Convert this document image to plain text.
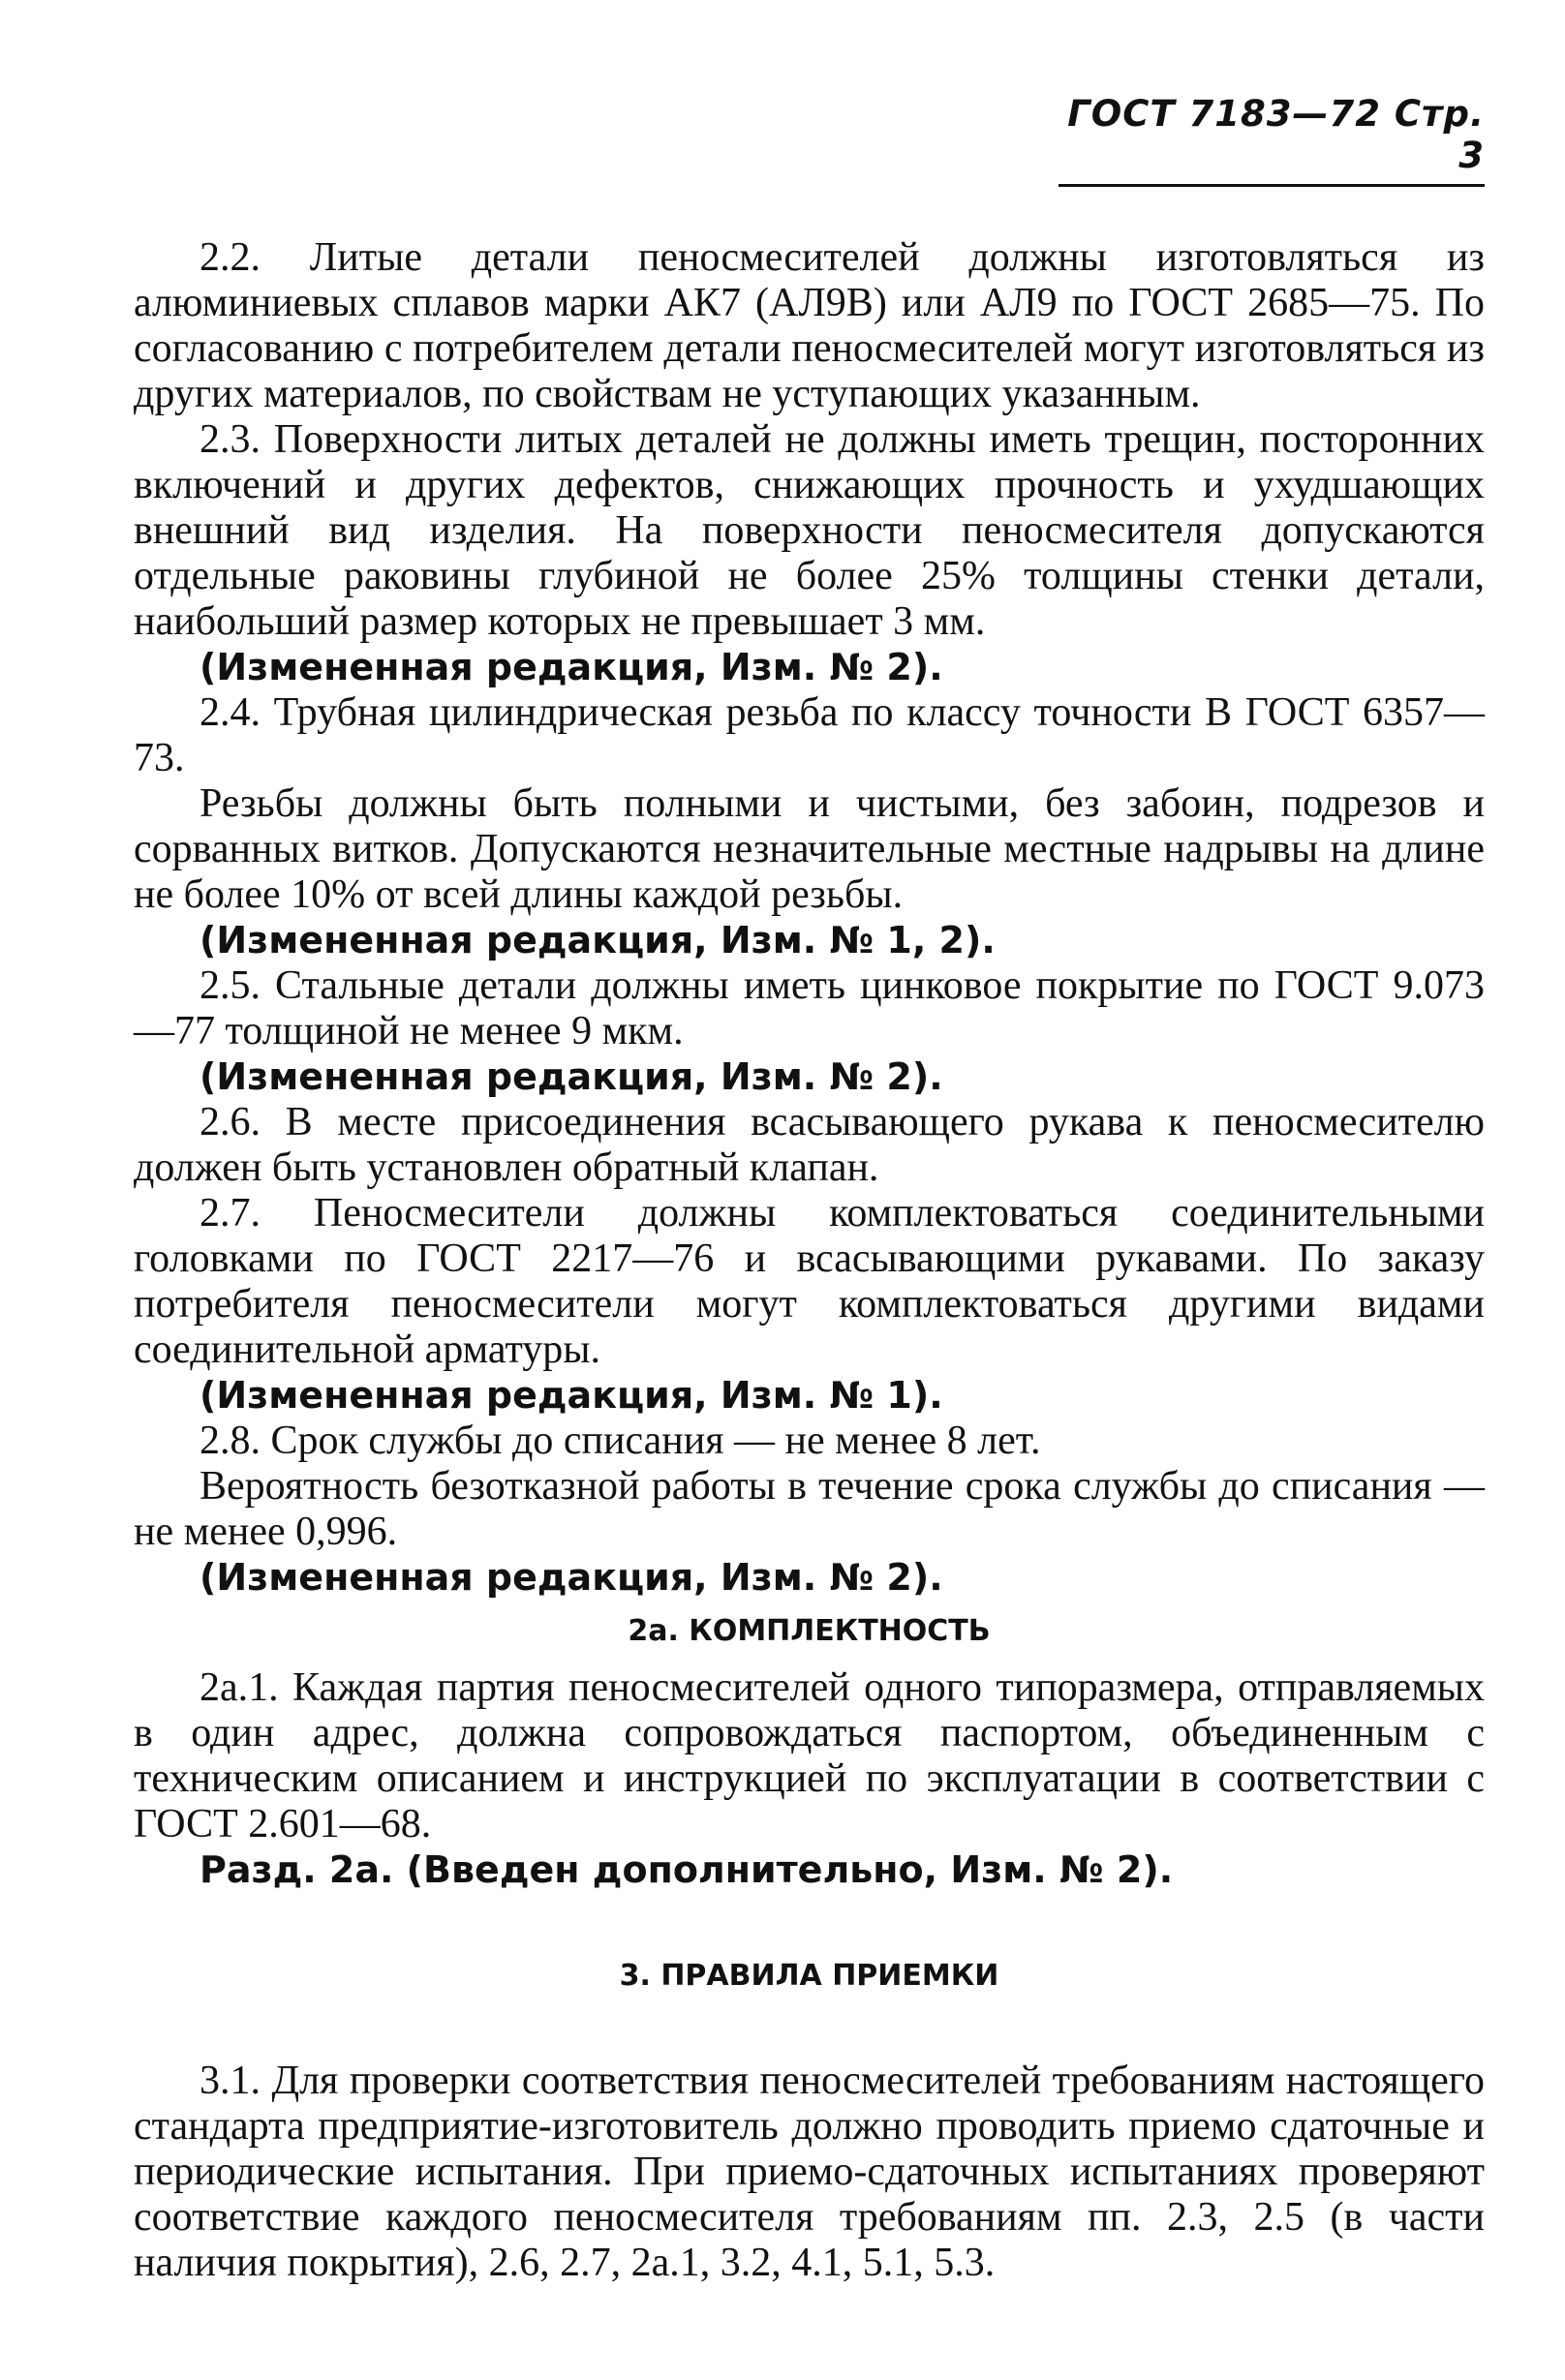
ГОСТ 7183—72 Стр. 3

2.2. Литые детали пеносмесителей должны изготовляться из алюминиевых сплавов марки АК7 (АЛ9В) или АЛ9 по ГОСТ 2685—75. По согласованию с потребителем детали пеносмесителей могут изготовляться из других материалов, по свойствам не уступающих указанным.

2.3. Поверхности литых деталей не должны иметь трещин, посторонних включений и других дефектов, снижающих прочность и ухудшающих внешний вид изделия. На поверхности пеносмесителя допускаются отдельные раковины глубиной не более 25% толщины стенки детали, наибольший размер которых не превышает 3 мм.

(Измененная редакция, Изм. № 2).

2.4. Трубная цилиндрическая резьба по классу точности В ГОСТ 6357—73.

Резьбы должны быть полными и чистыми, без забоин, подрезов и сорванных витков. Допускаются незначительные местные надрывы на длине не более 10% от всей длины каждой резьбы.

(Измененная редакция, Изм. № 1, 2).

2.5. Стальные детали должны иметь цинковое покрытие по ГОСТ 9.073—77 толщиной не менее 9 мкм.

(Измененная редакция, Изм. № 2).

2.6. В месте присоединения всасывающего рукава к пеносмесителю должен быть установлен обратный клапан.

2.7. Пеносмесители должны комплектоваться соединительными головками по ГОСТ 2217—76 и всасывающими рукавами. По заказу потребителя пеносмесители могут комплектоваться другими видами соединительной арматуры.

(Измененная редакция, Изм. № 1).

2.8. Срок службы до списания — не менее 8 лет.

Вероятность безотказной работы в течение срока службы до списания — не менее 0,996.

(Измененная редакция, Изм. № 2).

2а. КОМПЛЕКТНОСТЬ

2а.1. Каждая партия пеносмесителей одного типоразмера, отправляемых в один адрес, должна сопровождаться паспортом, объединенным с техническим описанием и инструкцией по эксплуатации в соответствии с ГОСТ 2.601—68.

Разд. 2а. (Введен дополнительно, Изм. № 2).

3. ПРАВИЛА ПРИЕМКИ

3.1. Для проверки соответствия пеносмесителей требованиям настоящего стандарта предприятие-изготовитель должно проводить приемо сдаточные и периодические испытания. При приемо-сдаточных испытаниях проверяют соответствие каждого пеносмесителя требованиям пп. 2.3, 2.5 (в части наличия покрытия), 2.6, 2.7, 2а.1, 3.2, 4.1, 5.1, 5.3.
